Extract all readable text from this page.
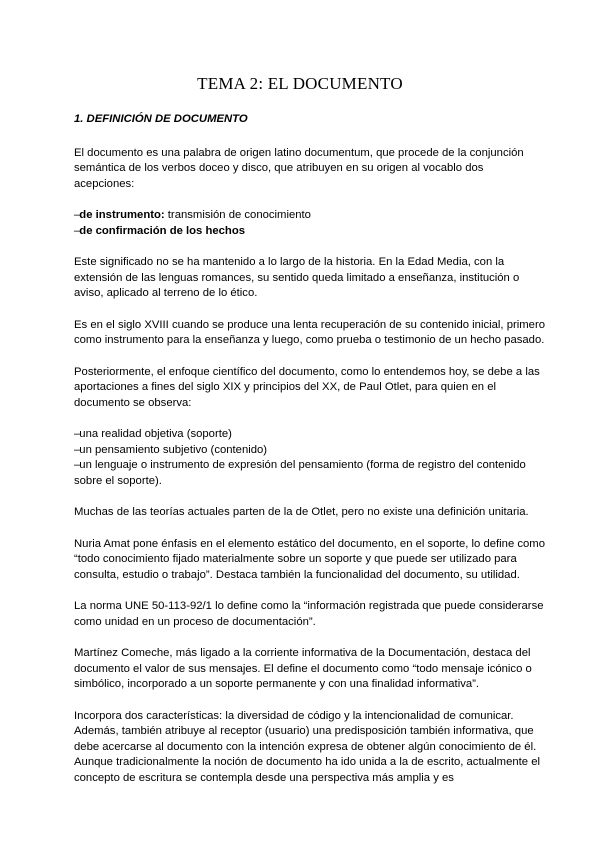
TEMA 2: EL DOCUMENTO
1. DEFINICIÓN DE DOCUMENTO

El documento es una palabra de origen latino documentum, que procede de la conjunción semántica de los verbos doceo y disco, que atribuyen en su origen al vocablo dos acepciones:

–de instrumento: transmisión de conocimiento
–de confirmación de los hechos

Este significado no se ha mantenido a lo largo de la historia. En la Edad Media, con la extensión de las lenguas romances, su sentido queda limitado a enseñanza, institución o aviso, aplicado al terreno de lo ético.

Es en el siglo XVIII cuando se produce una lenta recuperación de su contenido inicial, primero como instrumento para la enseñanza y luego, como prueba o testimonio de un hecho pasado.

Posteriormente, el enfoque científico del documento, como lo entendemos hoy, se debe a las aportaciones a fines del siglo XIX y principios del XX, de Paul Otlet, para quien en el documento se observa:

–una realidad objetiva (soporte)
–un pensamiento subjetivo (contenido)
–un lenguaje o instrumento de expresión del pensamiento (forma de registro del contenido sobre el soporte).

Muchas de las teorías actuales parten de la de Otlet, pero no existe una definición unitaria.

Nuria Amat pone énfasis en el elemento estático del documento, en el soporte, lo define como “todo conocimiento fijado materialmente sobre un soporte y que puede ser utilizado para consulta, estudio o trabajo”. Destaca también la funcionalidad del documento, su utilidad.

La norma UNE 50-113-92/1 lo define como la “información registrada que puede considerarse como unidad en un proceso de documentación”.

Martínez Comeche, más ligado a la corriente informativa de la Documentación, destaca del documento el valor de sus mensajes. El define el documento como “todo mensaje icónico o simbólico, incorporado a un soporte permanente y con una finalidad informativa”.

Incorpora dos características: la diversidad de código y la intencionalidad de comunicar. Además, también atribuye al receptor (usuario) una predisposición también informativa, que debe acercarse al documento con la intención expresa de obtener algún conocimiento de él. Aunque tradicionalmente la noción de documento ha ido unida a la de escrito, actualmente el concepto de escritura se contempla desde una perspectiva más amplia y es
